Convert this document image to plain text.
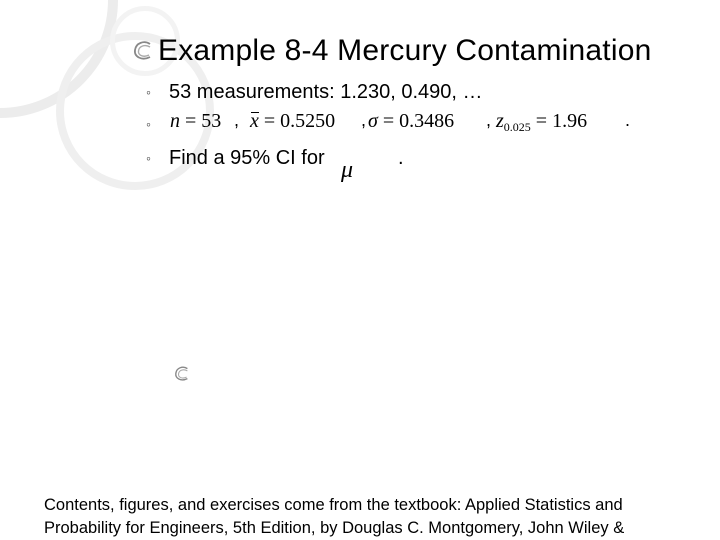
Example 8-4 Mercury Contamination
◦ 53 measurements: 1.230, 0.490, …
◦ n = 53 , x = 0.5250 , σ = 0.3486 , $z_{0.025} = 1.96$ .
◦ Find a 95% CI for μ .
Contents, figures, and exercises come from the textbook: Applied Statistics and
Probability for Engineers, 5th Edition, by Douglas C. Montgomery, John Wiley &
